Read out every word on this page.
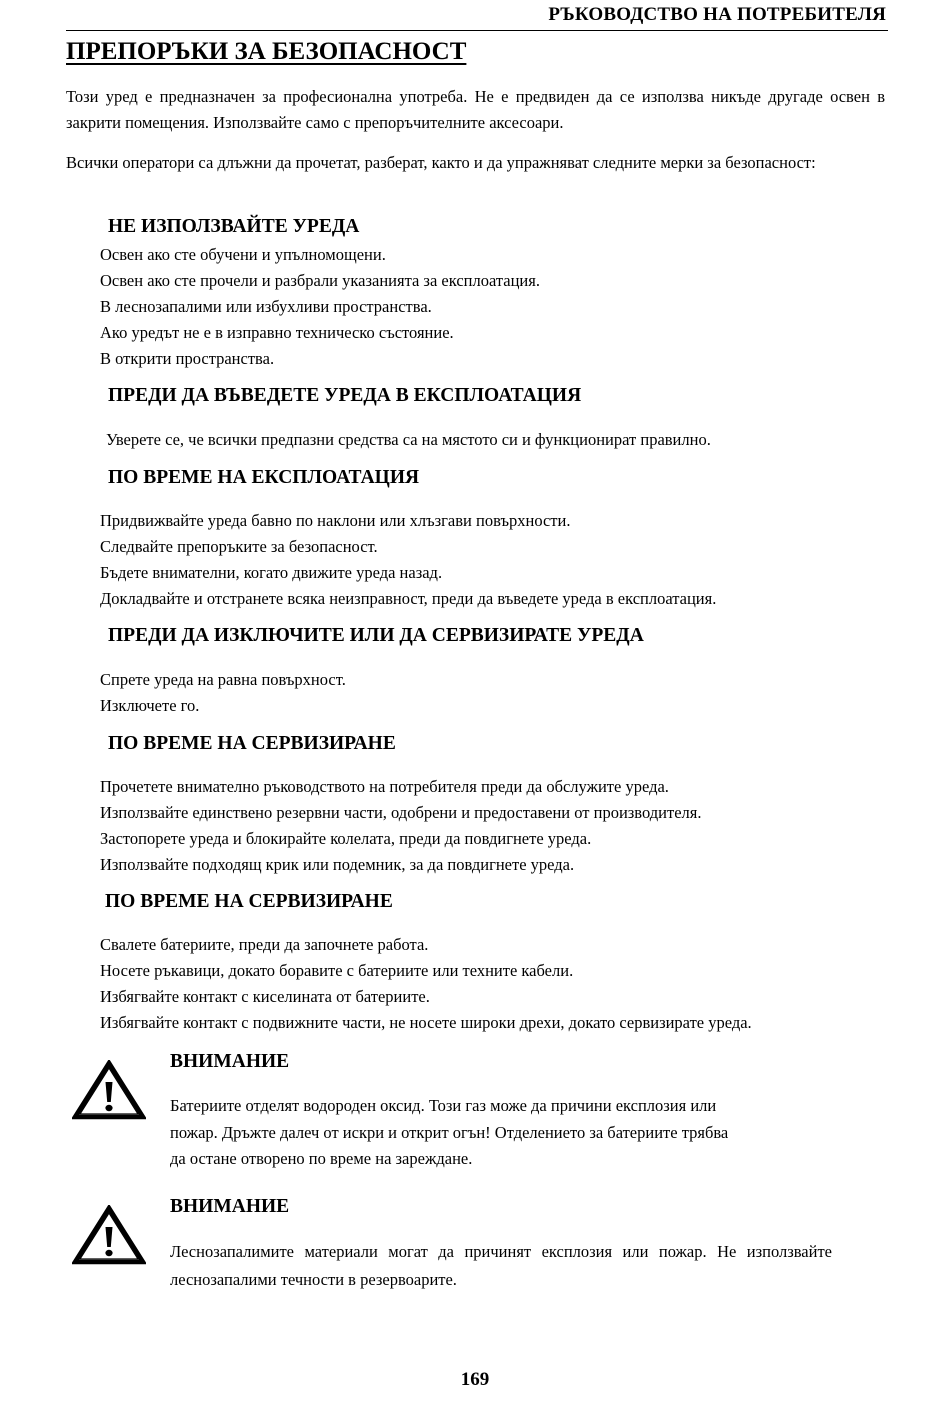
РЪКОВОДСТВО НА ПОТРЕБИТЕЛЯ
ПРЕПОРЪКИ ЗА БЕЗОПАСНОСТ
Този уред е предназначен за професионална употреба. Не е предвиден да се използва никъде другаде освен в закрити помещения. Използвайте само с препоръчителните аксесоари.
Всички оператори са длъжни да прочетат, разберат, както и да упражняват следните мерки за безопасност:
НЕ ИЗПОЛЗВАЙТЕ УРЕДА
Освен ако сте обучени и упълномощени.
Освен ако сте прочели и разбрали указанията за експлоатация.
В леснозапалими или избухливи пространства.
Ако уредът не е в изправно техническо състояние.
В открити пространства.
ПРЕДИ ДА ВЪВЕДЕТЕ УРЕДА В ЕКСПЛОАТАЦИЯ
Уверете се, че всички предпазни средства са на мястото си и функционират правилно.
ПО ВРЕМЕ НА ЕКСПЛОАТАЦИЯ
Придвижвайте уреда бавно по наклони или хлъзгави повърхности.
Следвайте препоръките за безопасност.
Бъдете внимателни, когато движите уреда назад.
Докладвайте и отстранете всяка неизправност, преди да въведете уреда в експлоатация.
ПРЕДИ ДА ИЗКЛЮЧИТЕ ИЛИ ДА СЕРВИЗИРАТЕ УРЕДА
Спрете уреда на равна повърхност.
Изключете го.
ПО ВРЕМЕ НА СЕРВИЗИРАНЕ
Прочетете внимателно ръководството на потребителя преди да обслужите уреда.
Използвайте единствено резервни части, одобрени и предоставени от производителя.
Застопорете уреда и блокирайте колелата, преди да повдигнете уреда.
Използвайте подходящ крик или подемник, за да повдигнете уреда.
ПО ВРЕМЕ НА СЕРВИЗИРАНЕ
Свалете батериите, преди да започнете работа.
Носете ръкавици, докато боравите с батериите или техните кабели.
Избягвайте контакт с киселината от батериите.
Избягвайте контакт с подвижните части, не носете широки дрехи, докато сервизирате уреда.
ВНИМАНИЕ
Батериите отделят водороден оксид. Този газ може да причини експлозия или
пожар. Дръжте далеч от искри и открит огън! Отделението за батериите трябва
да остане отворено по време на зареждане.
ВНИМАНИЕ
Леснозапалимите материали могат да причинят експлозия или пожар. Не използвайте леснозапалими течности в резервоарите.
169
